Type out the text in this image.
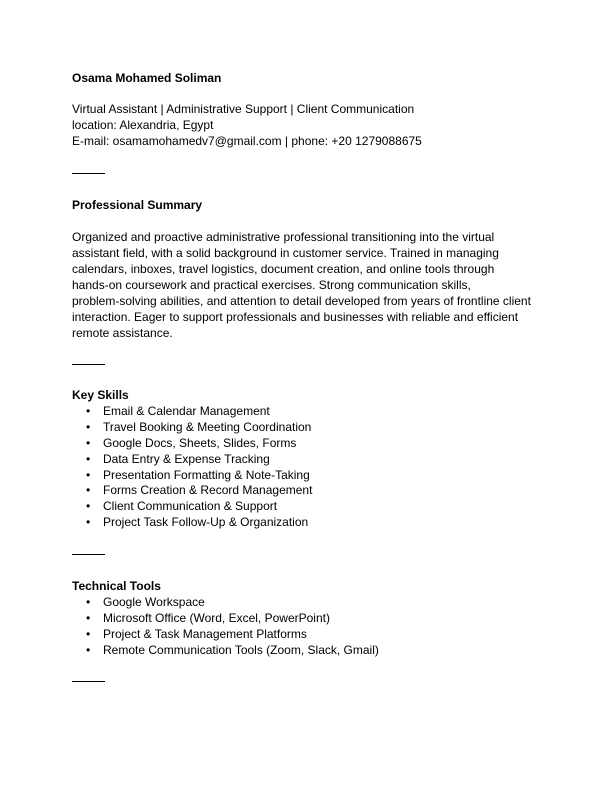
Osama Mohamed Soliman
Virtual Assistant | Administrative Support | Client Communication
location: Alexandria, Egypt
E-mail: osamamohamedv7@gmail.com | phone: +20 1279088675
Professional Summary
Organized and proactive administrative professional transitioning into the virtual
assistant field, with a solid background in customer service. Trained in managing
calendars, inboxes, travel logistics, document creation, and online tools through
hands-on coursework and practical exercises. Strong communication skills,
problem-solving abilities, and attention to detail developed from years of frontline client
interaction. Eager to support professionals and businesses with reliable and efficient
remote assistance.
Key Skills
• Email & Calendar Management
• Travel Booking & Meeting Coordination
• Google Docs, Sheets, Slides, Forms
• Data Entry & Expense Tracking
• Presentation Formatting & Note-Taking
• Forms Creation & Record Management
• Client Communication & Support
• Project Task Follow-Up & Organization
Technical Tools
• Google Workspace
• Microsoft Office (Word, Excel, PowerPoint)
• Project & Task Management Platforms
• Remote Communication Tools (Zoom, Slack, Gmail)
